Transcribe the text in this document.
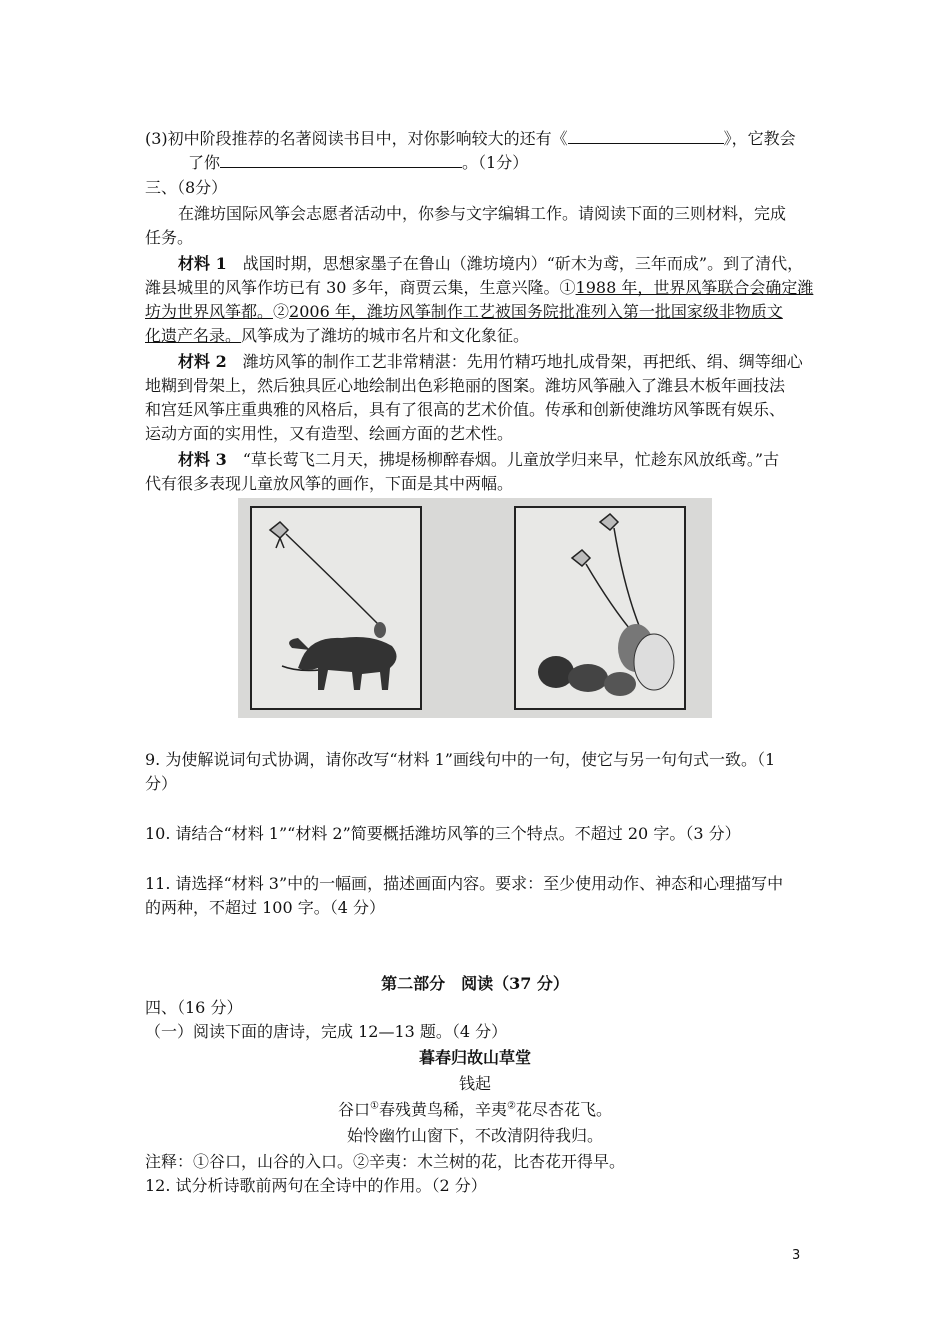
(3)初中阶段推荐的名著阅读书目中，对你影响较大的还有《	》，它教会
了你	。（1分）
三、（8分）
在潍坊国际风筝会志愿者活动中，你参与文字编辑工作。请阅读下面的三则材料，完成
任务。
材料 1　战国时期，思想家墨子在鲁山（潍坊境内）“斫木为鸢，三年而成”。到了清代，
潍县城里的风筝作坊已有 30 多年，商贾云集，生意兴隆。①1988 年，世界风筝联合会确定潍
坊为世界风筝都。②2006 年，潍坊风筝制作工艺被国务院批准列入第一批国家级非物质文
化遗产名录。风筝成为了潍坊的城市名片和文化象征。
材料 2　潍坊风筝的制作工艺非常精湛：先用竹精巧地扎成骨架，再把纸、绢、绸等细心
地糊到骨架上，然后独具匠心地绘制出色彩艳丽的图案。潍坊风筝融入了潍县木板年画技法
和宫廷风筝庄重典雅的风格后，具有了很高的艺术价值。传承和创新使潍坊风筝既有娱乐、
运动方面的实用性，又有造型、绘画方面的艺术性。
材料 3　“草长莺飞二月天，拂堤杨柳醉春烟。儿童放学归来早，忙趁东风放纸鸢。”古
代有很多表现儿童放风筝的画作，下面是其中两幅。
9. 为使解说词句式协调，请你改写“材料 1”画线句中的一句，使它与另一句句式一致。（1
分）
10. 请结合“材料 1”“材料 2”简要概括潍坊风筝的三个特点。不超过 20 字。（3 分）
11. 请选择“材料 3”中的一幅画，描述画面内容。要求：至少使用动作、神态和心理描写中
的两种，不超过 100 字。（4 分）
第二部分　阅读（37 分）
四、（16 分）
（一）阅读下面的唐诗，完成 12—13 题。（4 分）
暮春归故山草堂
钱起
谷口①春残黄鸟稀，辛夷②花尽杏花飞。
始怜幽竹山窗下，不改清阴待我归。
注释：①谷口，山谷的入口。②辛夷：木兰树的花，比杏花开得早。
12. 试分析诗歌前两句在全诗中的作用。（2 分）
3
